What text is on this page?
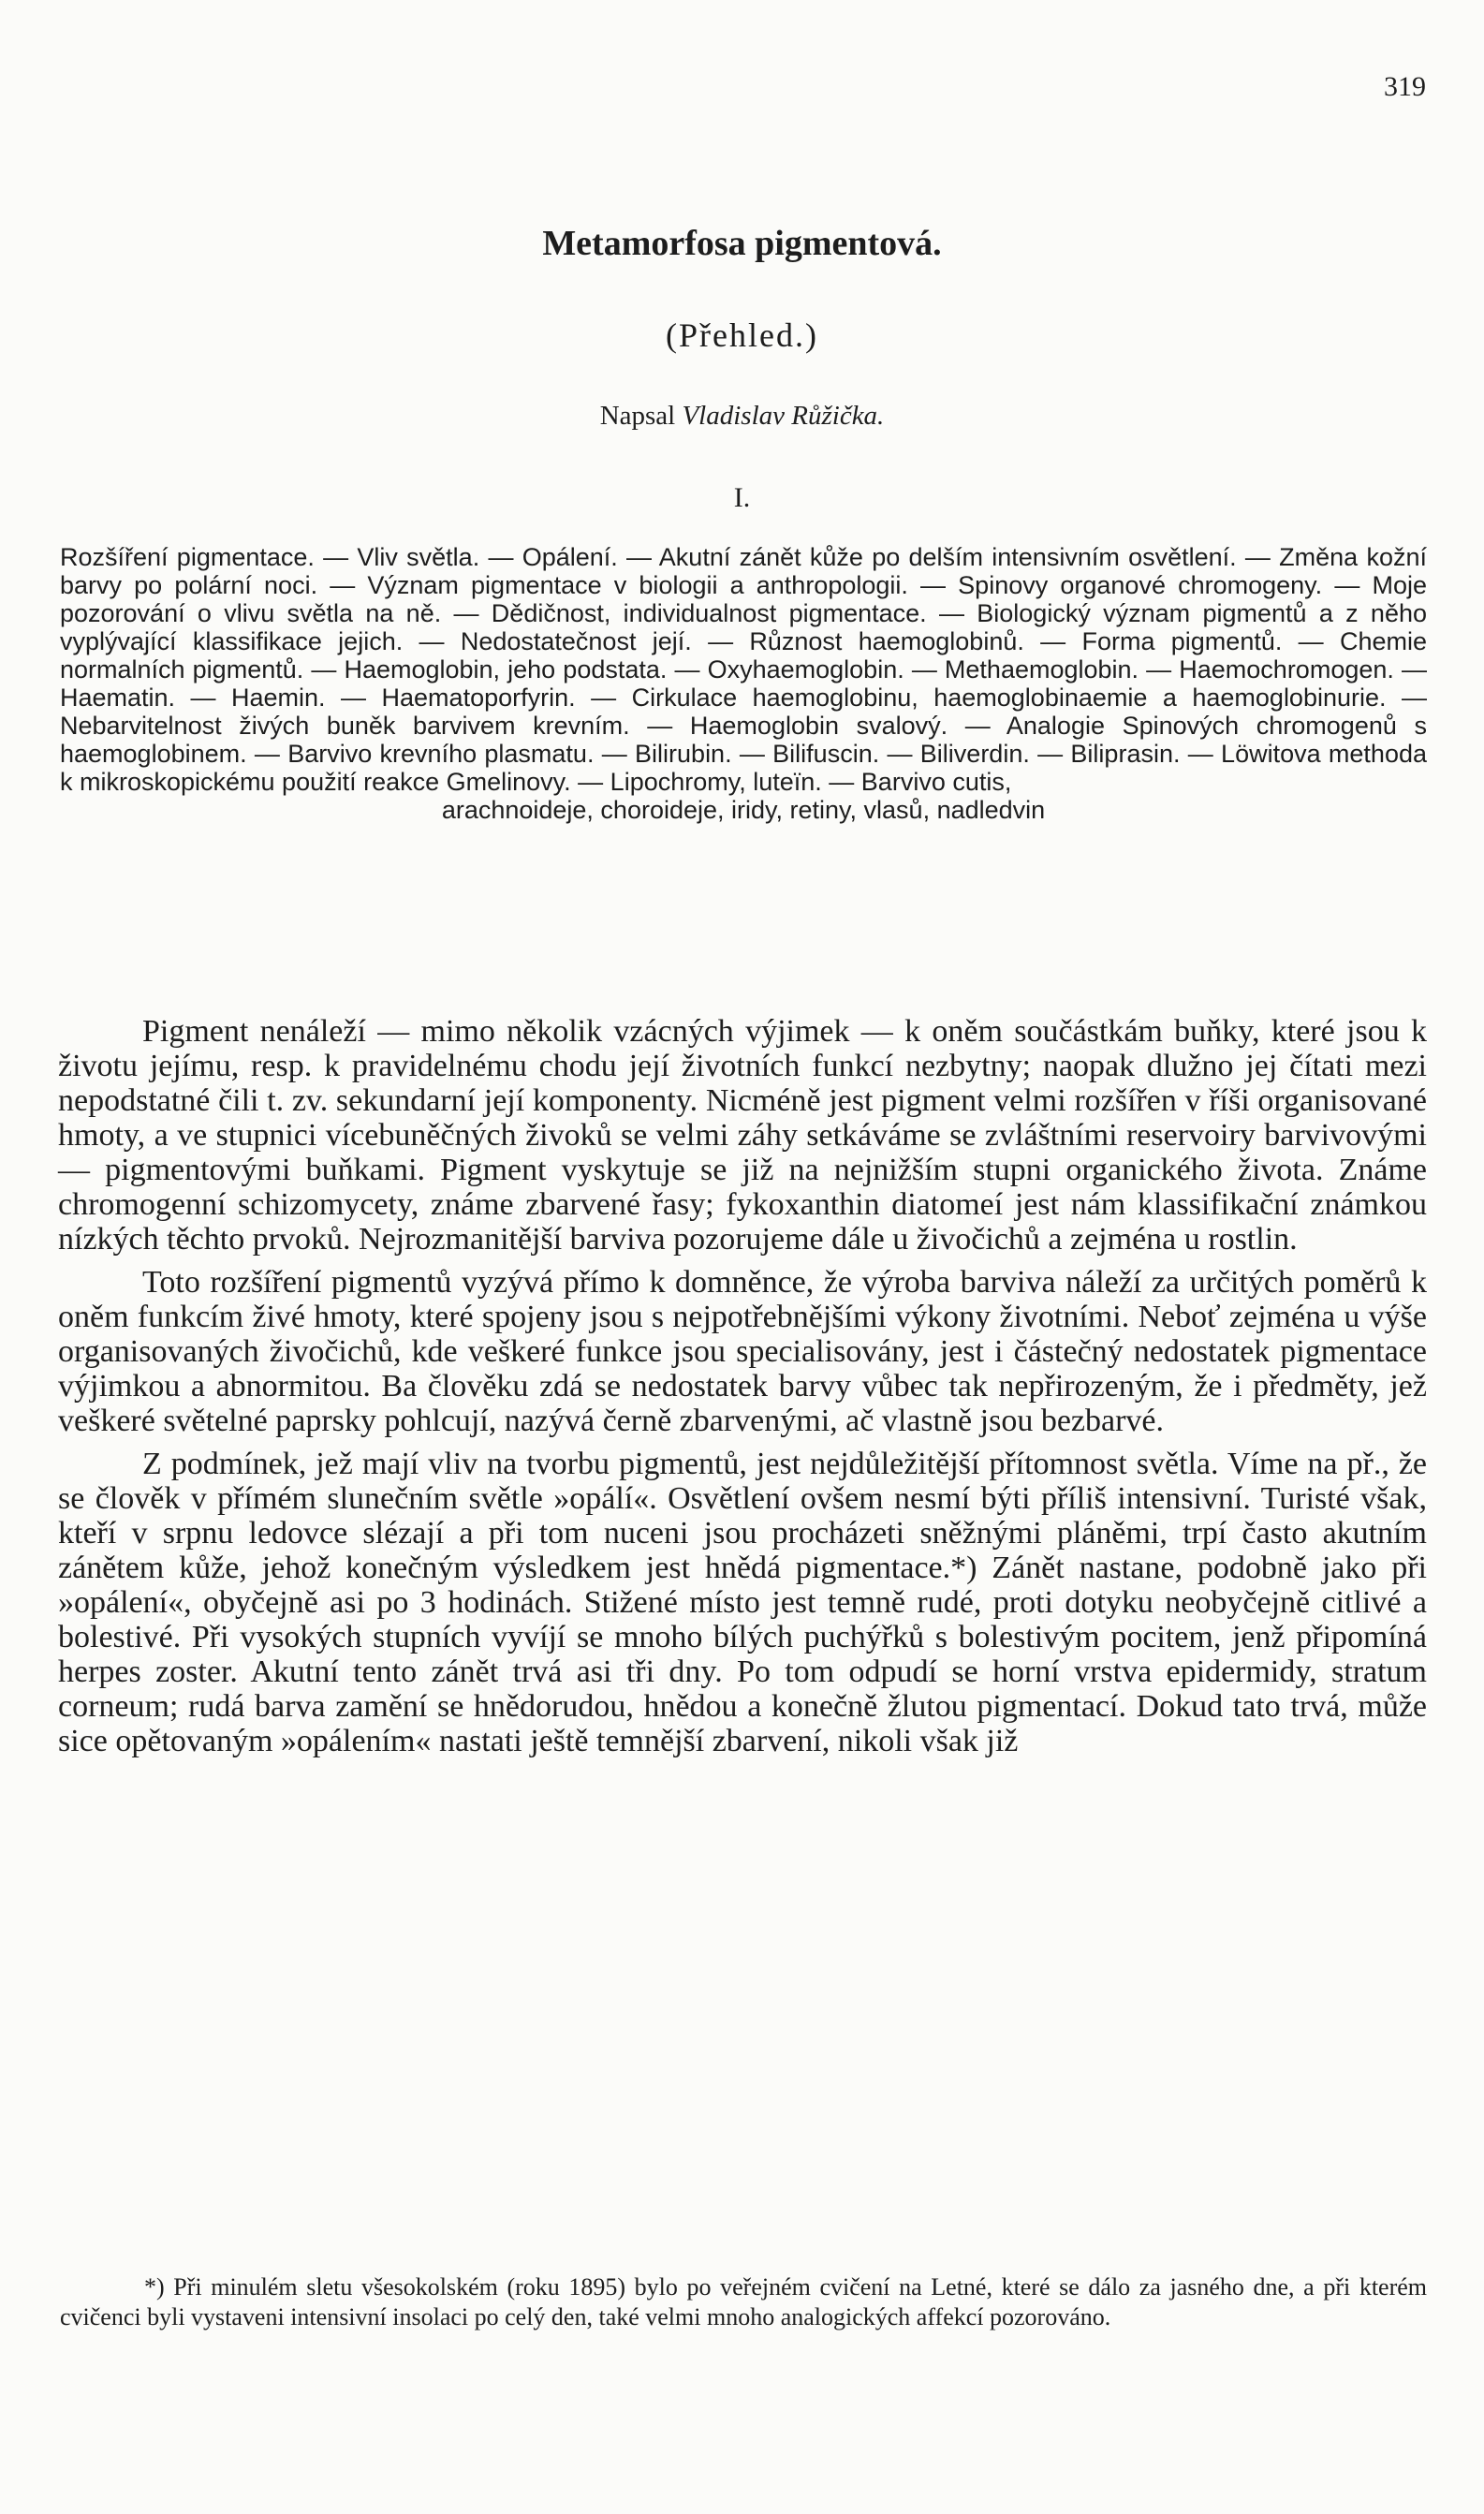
319
Metamorfosa pigmentová.
(Přehled.)
Napsal Vladislav Růžička.
I.
Rozšíření pigmentace. — Vliv světla. — Opálení. — Akutní zánět kůže po delším intensivním osvětlení. — Změna kožní barvy po polární noci. — Význam pigmentace v biologii a anthropologii. — Spinovy organové chromogeny. — Moje pozorování o vlivu světla na ně. — Dědičnost, individualnost pigmentace. — Biologický význam pigmentů a z něho vyplývající klassifikace jejich. — Nedostatečnost její. — Různost haemoglobinů. — Forma pigmentů. — Chemie normalních pigmentů. — Haemoglobin, jeho podstata. — Oxyhaemoglobin. — Methaemoglobin. — Haemochromogen. — Haematin. — Haemin. — Haematoporfyrin. — Cirkulace haemoglobinu, haemoglobinaemie a haemoglobinurie. — Nebarvitelnost živých buněk barvivem krevním. — Haemoglobin svalový. — Analogie Spinových chromogenů s haemoglobinem. — Barvivo krevního plasmatu. — Bilirubin. — Bilifuscin. — Biliverdin. — Biliprasin. — Löwitova methoda k mikroskopickému použití reakce Gmelinovy. — Lipochromy, luteïn. — Barvivo cutis,
arachnoideje, choroideje, iridy, retiny, vlasů, nadledvin

Pigment nenáleží — mimo několik vzácných výjimek — k oněm součástkám buňky, které jsou k životu jejímu, resp. k pravidelnému chodu její životních funkcí nezbytny; naopak dlužno jej čítati mezi nepodstatné čili t. zv. sekundarní její komponenty. Nicméně jest pigment velmi rozšířen v říši organisované hmoty, a ve stupnici vícebuněčných živoků se velmi záhy setkáváme se zvláštními reservoiry barvivovými — pigmentovými buňkami. Pigment vyskytuje se již na nejnižším stupni organického života. Známe chromogenní schizomycety, známe zbarvené řasy; fykoxanthin diatomeí jest nám klassifikační známkou nízkých těchto prvoků. Nejrozmanitější barviva pozorujeme dále u živočichů a zejména u rostlin.

Toto rozšíření pigmentů vyzývá přímo k domněnce, že výroba barviva náleží za určitých poměrů k oněm funkcím živé hmoty, které spojeny jsou s nejpotřebnějšími výkony životními. Neboť zejména u výše organisovaných živočichů, kde veškeré funkce jsou specialisovány, jest i částečný nedostatek pigmentace výjimkou a abnormitou. Ba člověku zdá se nedostatek barvy vůbec tak nepřirozeným, že i předměty, jež veškeré světelné paprsky pohlcují, nazývá černě zbarvenými, ač vlastně jsou bezbarvé.

Z podmínek, jež mají vliv na tvorbu pigmentů, jest nejdůležitější přítomnost světla. Víme na př., že se člověk v přímém slunečním světle »opálí«. Osvětlení ovšem nesmí býti příliš intensivní. Turisté však, kteří v srpnu ledovce slézají a při tom nuceni jsou procházeti sněžnými pláněmi, trpí často akutním zánětem kůže, jehož konečným výsledkem jest hnědá pigmentace.*) Zánět nastane, podobně jako při »opálení«, obyčejně asi po 3 hodinách. Stižené místo jest temně rudé, proti dotyku neobyčejně citlivé a bolestivé. Při vysokých stupních vyvíjí se mnoho bílých puchýřků s bolestivým pocitem, jenž připomíná herpes zoster. Akutní tento zánět trvá asi tři dny. Po tom odpudí se horní vrstva epidermidy, stratum corneum; rudá barva zamění se hnědorudou, hnědou a konečně žlutou pigmentací. Dokud tato trvá, může sice opětovaným »opálením« nastati ještě temnější zbarvení, nikoli však již

*) Při minulém sletu všesokolském (roku 1895) bylo po veřejném cvičení na Letné, které se dálo za jasného dne, a při kterém cvičenci byli vystaveni intensivní insolaci po celý den, také velmi mnoho analogických affekcí pozorováno.
